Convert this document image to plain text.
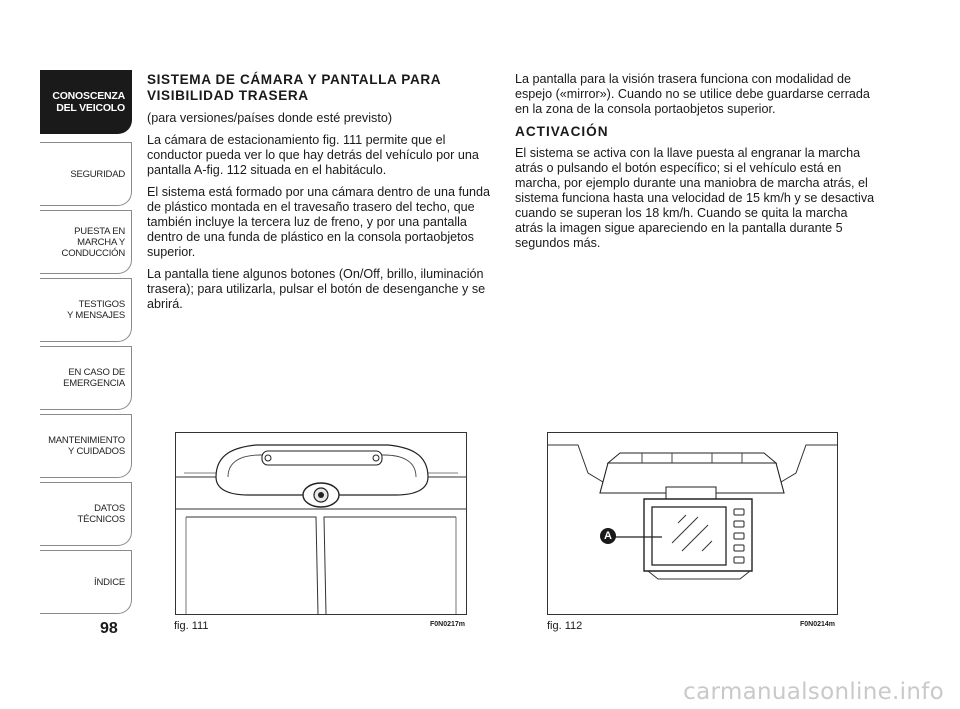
CONOSCENZA
DEL VEICOLO
SEGURIDAD
PUESTA EN
MARCHA Y
CONDUCCIÓN
TESTIGOS
Y MENSAJES
EN CASO DE
EMERGENCIA
MANTENIMIENTO
Y CUIDADOS
DATOS
TÉCNICOS
ÍNDICE
98

SISTEMA DE CÁMARA Y PANTALLA PARA VISIBILIDAD TRASERA

(para versiones/países donde esté previsto)

La cámara de estacionamiento fig. 111 permite que el conductor pueda ver lo que hay detrás del vehículo por una pantalla A-fig. 112 situada en el habitáculo.

El sistema está formado por una cámara dentro de una funda de plástico montada en el travesaño trasero del techo, que también incluye la tercera luz de freno, y por una pantalla dentro de una funda de plástico en la consola portaobjetos superior.

La pantalla tiene algunos botones (On/Off, brillo, iluminación trasera); para utilizarla, pulsar el botón de desenganche y se abrirá.

La pantalla para la visión trasera funciona con modalidad de espejo («mirror»). Cuando no se utilice debe guardarse cerrada en la zona de la consola portaobjetos superior.

ACTIVACIÓN

El sistema se activa con la llave puesta al engranar la marcha atrás o pulsando el botón específico; si el vehículo está en marcha, por ejemplo durante una maniobra de marcha atrás, el sistema funciona hasta una velocidad de 15 km/h y se desactiva cuando se superan los 18 km/h. Cuando se quita la marcha atrás la imagen sigue apareciendo en la pantalla durante 5 segundos más.

fig. 111	F0N0217m
A
fig. 112	F0N0214m
carmanualsonline.info
